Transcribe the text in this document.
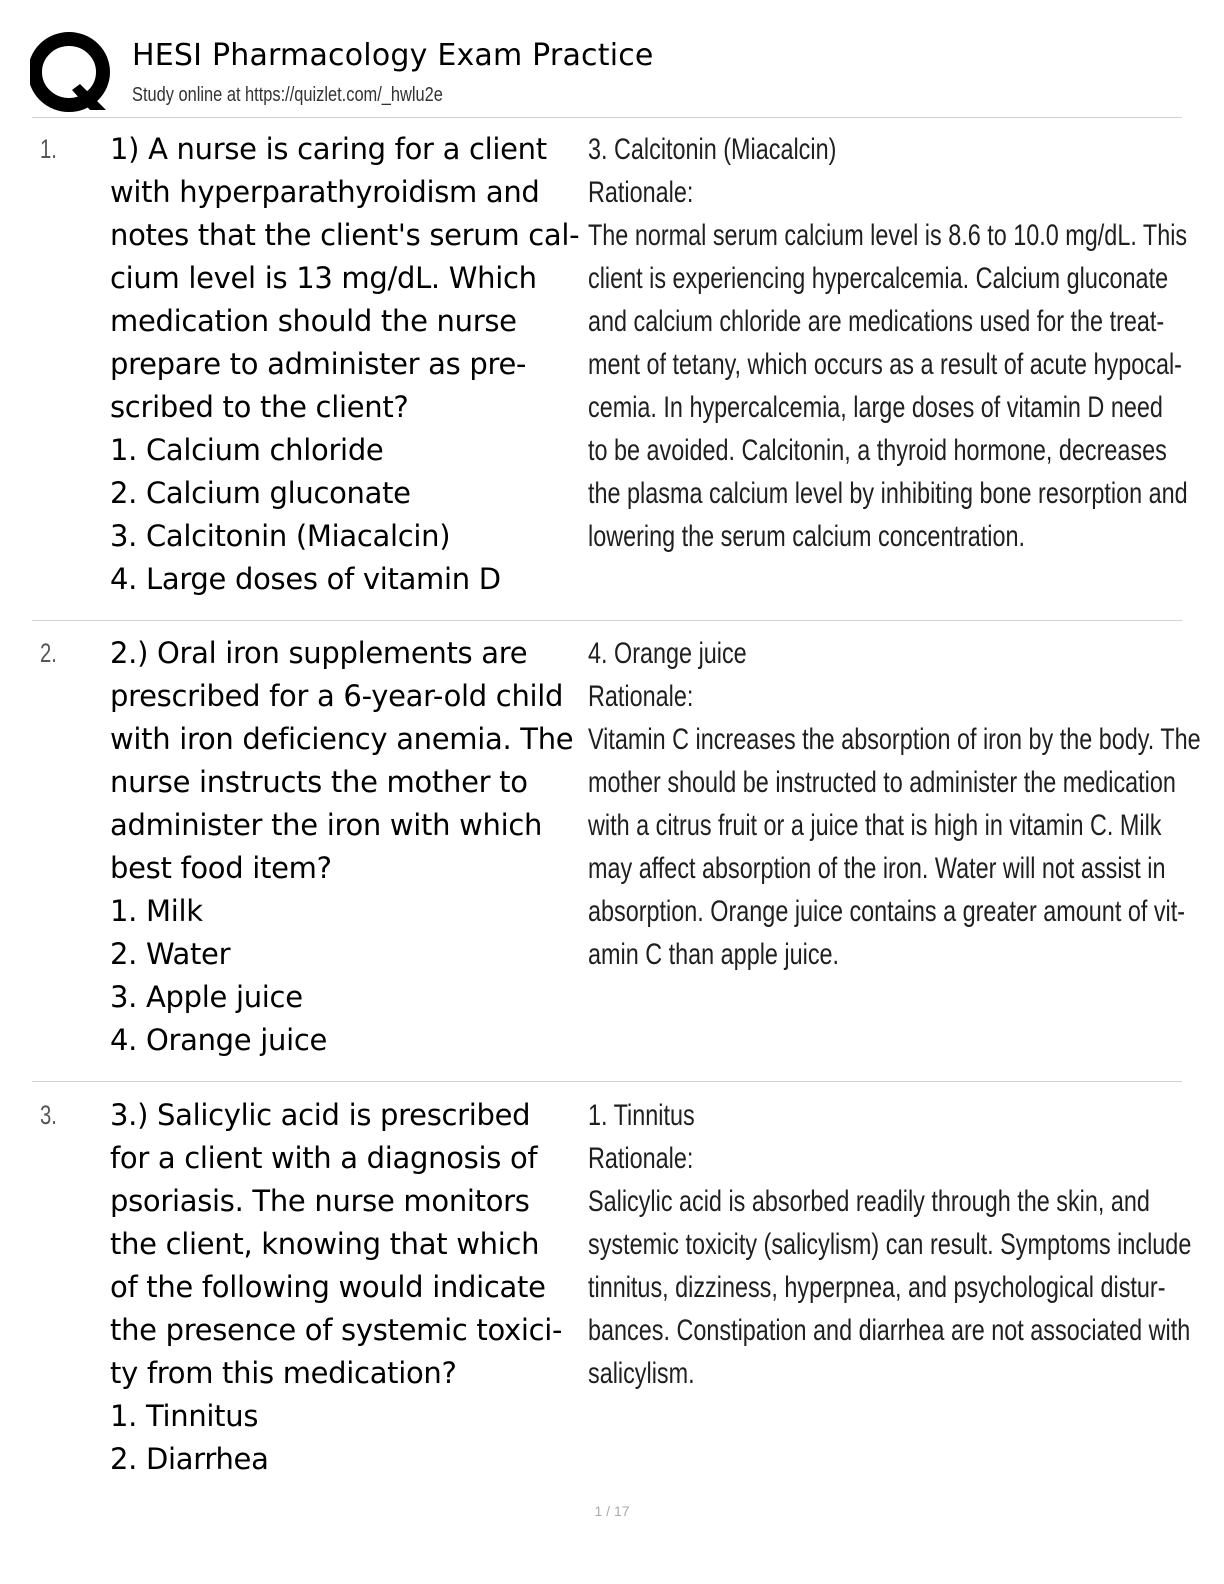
HESI Pharmacology Exam Practice
Study online at https://quizlet.com/_hwlu2e
1. 1) A nurse is caring for a client
with hyperparathyroidism and
notes that the client's serum cal-
cium level is 13 mg/dL. Which
medication should the nurse
prepare to administer as pre-
scribed to the client?
1. Calcium chloride
2. Calcium gluconate
3. Calcitonin (Miacalcin)
4. Large doses of vitamin D
3. Calcitonin (Miacalcin)
Rationale:
The normal serum calcium level is 8.6 to 10.0 mg/dL. This
client is experiencing hypercalcemia. Calcium gluconate
and calcium chloride are medications used for the treat-
ment of tetany, which occurs as a result of acute hypocal-
cemia. In hypercalcemia, large doses of vitamin D need
to be avoided. Calcitonin, a thyroid hormone, decreases
the plasma calcium level by inhibiting bone resorption and
lowering the serum calcium concentration.
2. 2.) Oral iron supplements are
prescribed for a 6-year-old child
with iron deficiency anemia. The
nurse instructs the mother to
administer the iron with which
best food item?
1. Milk
2. Water
3. Apple juice
4. Orange juice
4. Orange juice
Rationale:
Vitamin C increases the absorption of iron by the body. The
mother should be instructed to administer the medication
with a citrus fruit or a juice that is high in vitamin C. Milk
may affect absorption of the iron. Water will not assist in
absorption. Orange juice contains a greater amount of vit-
amin C than apple juice.
3. 3.) Salicylic acid is prescribed
for a client with a diagnosis of
psoriasis. The nurse monitors
the client, knowing that which
of the following would indicate
the presence of systemic toxici-
ty from this medication?
1. Tinnitus
2. Diarrhea
1. Tinnitus
Rationale:
Salicylic acid is absorbed readily through the skin, and
systemic toxicity (salicylism) can result. Symptoms include
tinnitus, dizziness, hyperpnea, and psychological distur-
bances. Constipation and diarrhea are not associated with
salicylism.
1 / 17
